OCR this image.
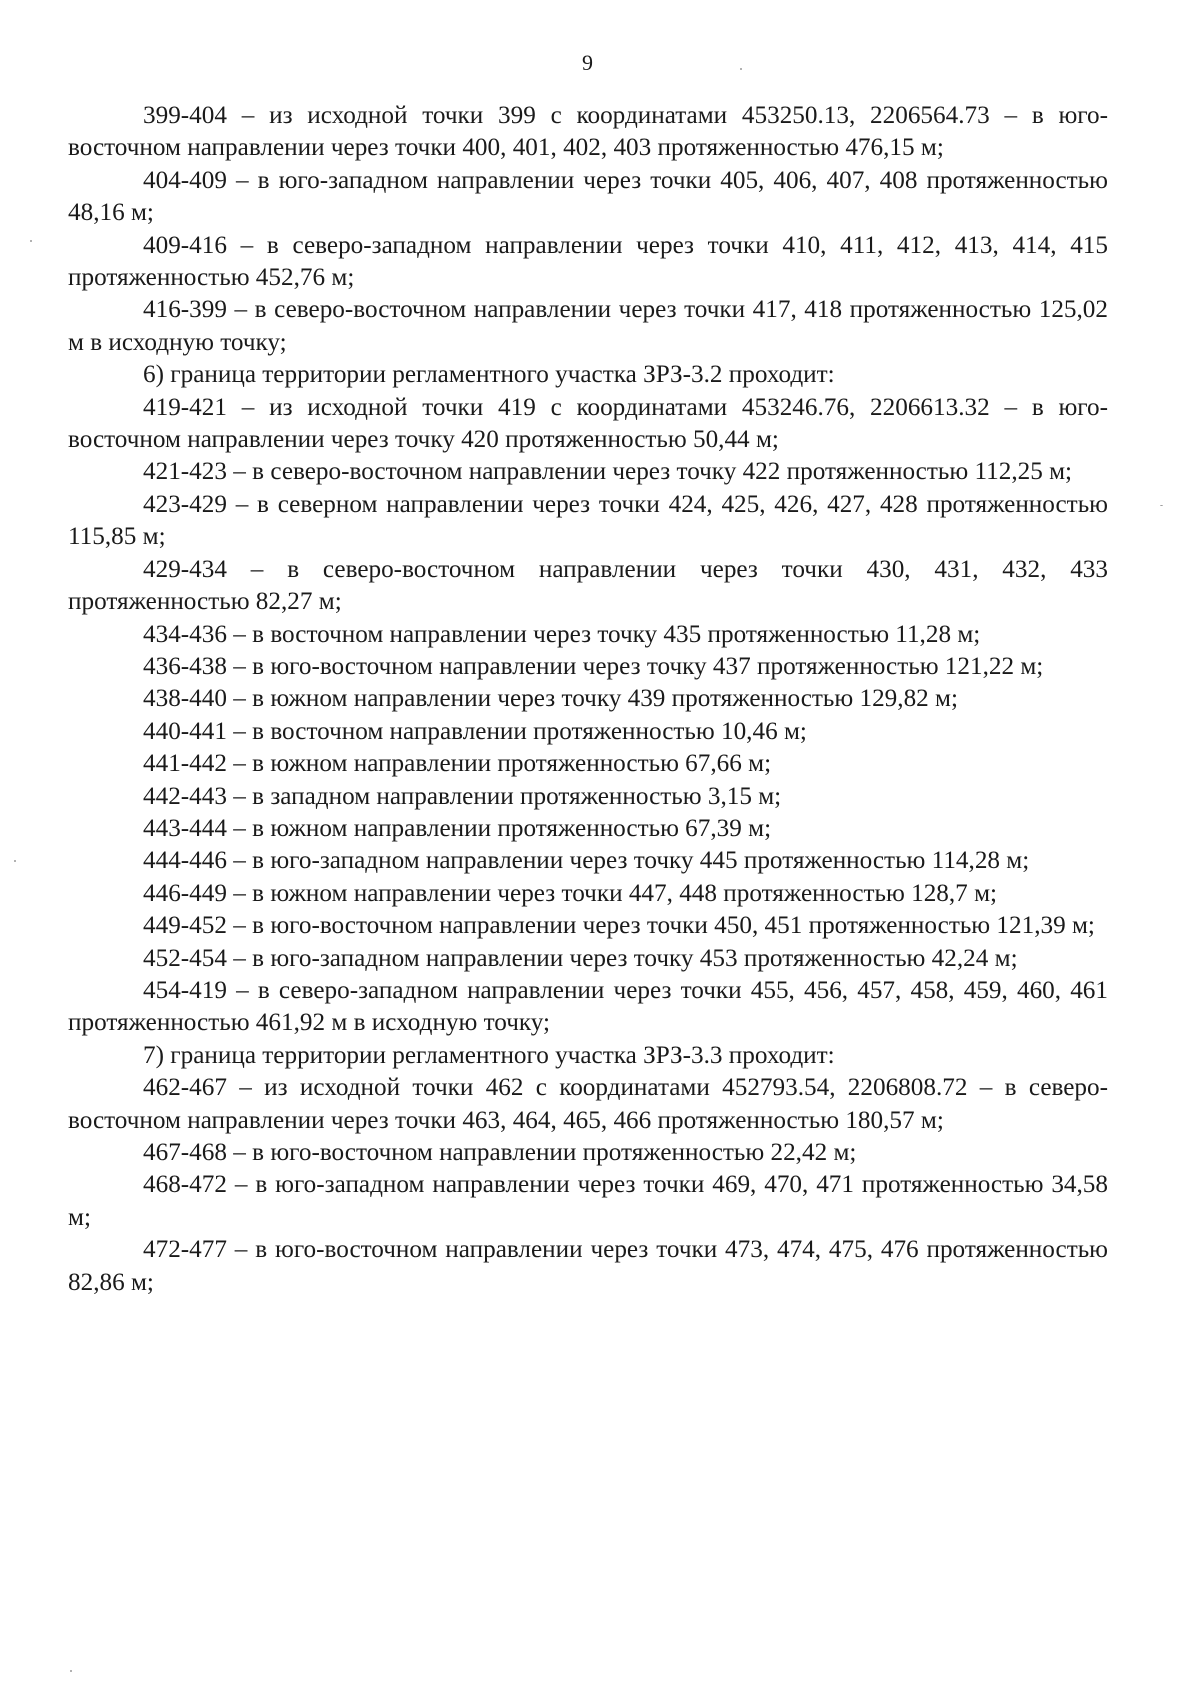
9

399-404 – из исходной точки 399 с координатами 453250.13, 2206564.73 – в юго-восточном направлении через точки 400, 401, 402, 403 протяженностью 476,15 м;

404-409 – в юго-западном направлении через точки 405, 406, 407, 408 протяженностью 48,16 м;

409-416 – в северо-западном направлении через точки 410, 411, 412, 413, 414, 415 протяженностью 452,76 м;

416-399 – в северо-восточном направлении через точки 417, 418 протяженностью 125,02 м в исходную точку;

6) граница территории регламентного участка ЗРЗ-3.2 проходит:

419-421 – из исходной точки 419 с координатами 453246.76, 2206613.32 – в юго-восточном направлении через точку 420 протяженностью 50,44 м;

421-423 – в северо-восточном направлении через точку 422 протяженностью 112,25 м;

423-429 – в северном направлении через точки 424, 425, 426, 427, 428 протяженностью 115,85 м;

429-434 – в северо-восточном направлении через точки 430, 431, 432, 433 протяженностью 82,27 м;

434-436 – в восточном направлении через точку 435 протяженностью 11,28 м;

436-438 – в юго-восточном направлении через точку 437 протяженностью 121,22 м;

438-440 – в южном направлении через точку 439 протяженностью 129,82 м;

440-441 – в восточном направлении протяженностью 10,46 м;

441-442 – в южном направлении протяженностью 67,66 м;

442-443 – в западном направлении протяженностью 3,15 м;

443-444 – в южном направлении протяженностью 67,39 м;

444-446 – в юго-западном направлении через точку 445 протяженностью 114,28 м;

446-449 – в южном направлении через точки 447, 448 протяженностью 128,7 м;

449-452 – в юго-восточном направлении через точки 450, 451 протяженностью 121,39 м;

452-454 – в юго-западном направлении через точку 453 протяженностью 42,24 м;

454-419 – в северо-западном направлении через точки 455, 456, 457, 458, 459, 460, 461 протяженностью 461,92 м в исходную точку;

7) граница территории регламентного участка ЗРЗ-3.3 проходит:

462-467 – из исходной точки 462 с координатами 452793.54, 2206808.72 – в северо-восточном направлении через точки 463, 464, 465, 466 протяженностью 180,57 м;

467-468 – в юго-восточном направлении протяженностью 22,42 м;

468-472 – в юго-западном направлении через точки 469, 470, 471 протяженностью 34,58 м;

472-477 – в юго-восточном направлении через точки 473, 474, 475, 476 протяженностью 82,86 м;
